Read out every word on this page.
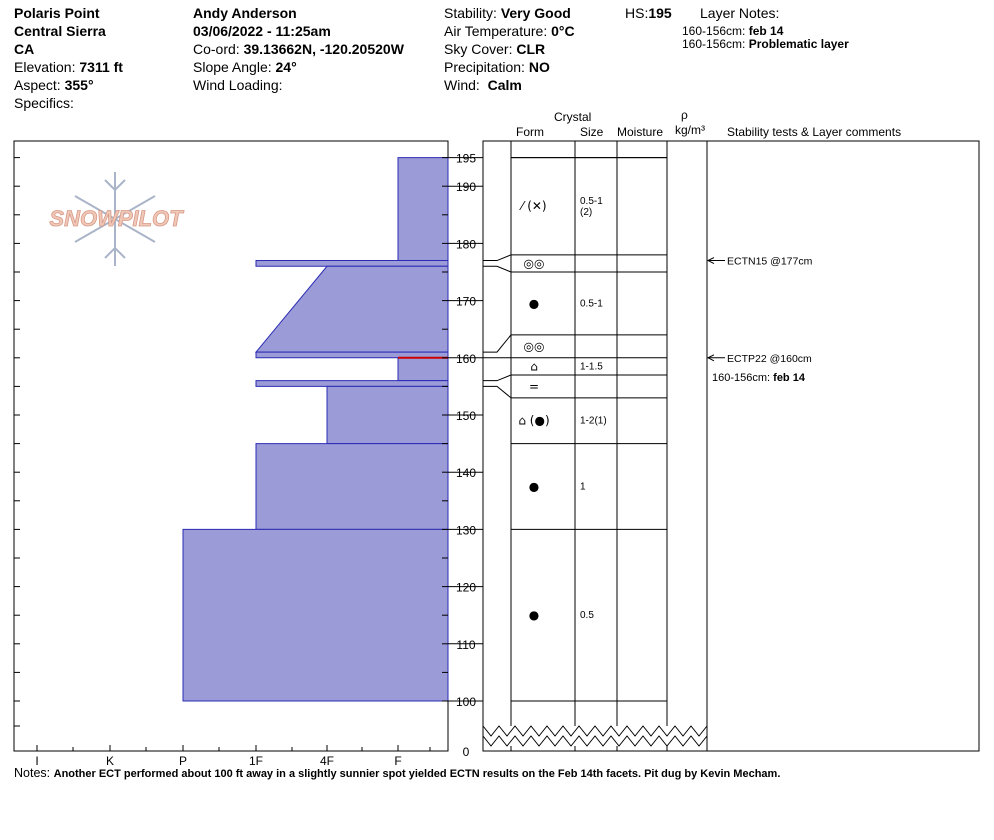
Polaris Point
Central Sierra
CA
Elevation: 7311 ft
Aspect: 355°
Specifics:
Andy Anderson
03/06/2022 - 11:25am
Co-ord: 39.13662N, -120.20520W
Slope Angle: 24°
Wind Loading:
Stability: Very Good
Air Temperature: 0°C
Sky Cover: CLR
Precipitation: NO
Wind: Calm
HS:195 Layer Notes:
160-156cm: feb 14
160-156cm: Problematic layer
Crystal
Form	Size Moisture
ρ
kg/m³ Stability tests & Layer comments
SNOWPILOT
I	K	P	1F	4F	F
0
100
110
120
130
140
150
160
170
180
190
195
⁄ (✕)	0.5-1
(2)
◎◎
●	0.5-1
◎◎
⌂	1-1.5
=
⌂ (●)	1-2(1)
●	1
●	0.5
ECTN15 @177cm
ECTP22 @160cm
160-156cm: feb 14
Notes: Another ECT performed about 100 ft away in a slightly sunnier spot yielded ECTN results on the Feb 14th facets. Pit dug by Kevin Mecham.
